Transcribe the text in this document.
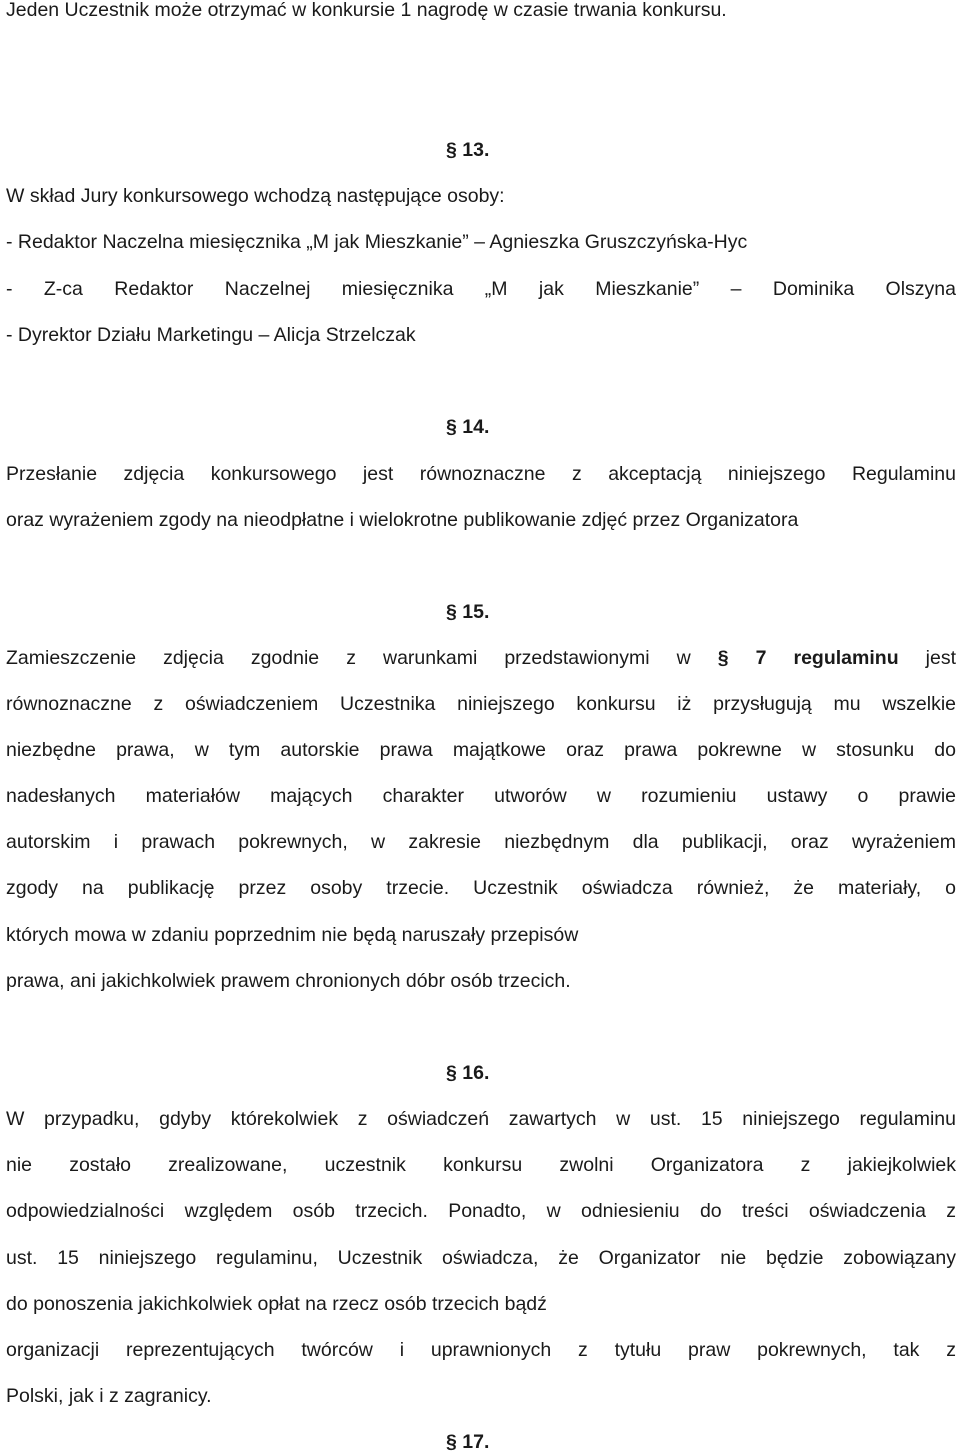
Jeden Uczestnik może otrzymać w konkursie 1 nagrodę w czasie trwania konkursu.
§ 13.
W skład Jury konkursowego wchodzą następujące osoby:
- Redaktor Naczelna miesięcznika „M jak Mieszkanie” – Agnieszka Gruszczyńska-Hyc
- Z-ca Redaktor Naczelnej miesięcznika „M jak Mieszkanie” – Dominika Olszyna
- Dyrektor Działu Marketingu – Alicja Strzelczak
§ 14.
Przesłanie zdjęcia konkursowego jest równoznaczne z akceptacją niniejszego Regulaminu
oraz wyrażeniem zgody na nieodpłatne i wielokrotne publikowanie zdjęć przez Organizatora
§ 15.
Zamieszczenie zdjęcia zgodnie z warunkami przedstawionymi w § 7 regulaminu jest
równoznaczne z oświadczeniem Uczestnika niniejszego konkursu iż przysługują mu wszelkie
niezbędne prawa, w tym autorskie prawa majątkowe oraz prawa pokrewne w stosunku do
nadesłanych materiałów mających charakter utworów w rozumieniu ustawy o prawie
autorskim i prawach pokrewnych, w zakresie niezbędnym dla publikacji, oraz wyrażeniem
zgody na publikację przez osoby trzecie. Uczestnik oświadcza również, że materiały, o
których mowa w zdaniu poprzednim nie będą naruszały przepisów
prawa, ani jakichkolwiek prawem chronionych dóbr osób trzecich.
§ 16.
W przypadku, gdyby którekolwiek z oświadczeń zawartych w ust. 15 niniejszego regulaminu
nie zostało zrealizowane, uczestnik konkursu zwolni Organizatora z jakiejkolwiek
odpowiedzialności względem osób trzecich. Ponadto, w odniesieniu do treści oświadczenia z
ust. 15 niniejszego regulaminu, Uczestnik oświadcza, że Organizator nie będzie zobowiązany
do ponoszenia jakichkolwiek opłat na rzecz osób trzecich bądź
organizacji reprezentujących twórców i uprawnionych z tytułu praw pokrewnych, tak z
Polski, jak i z zagranicy.
§ 17.
